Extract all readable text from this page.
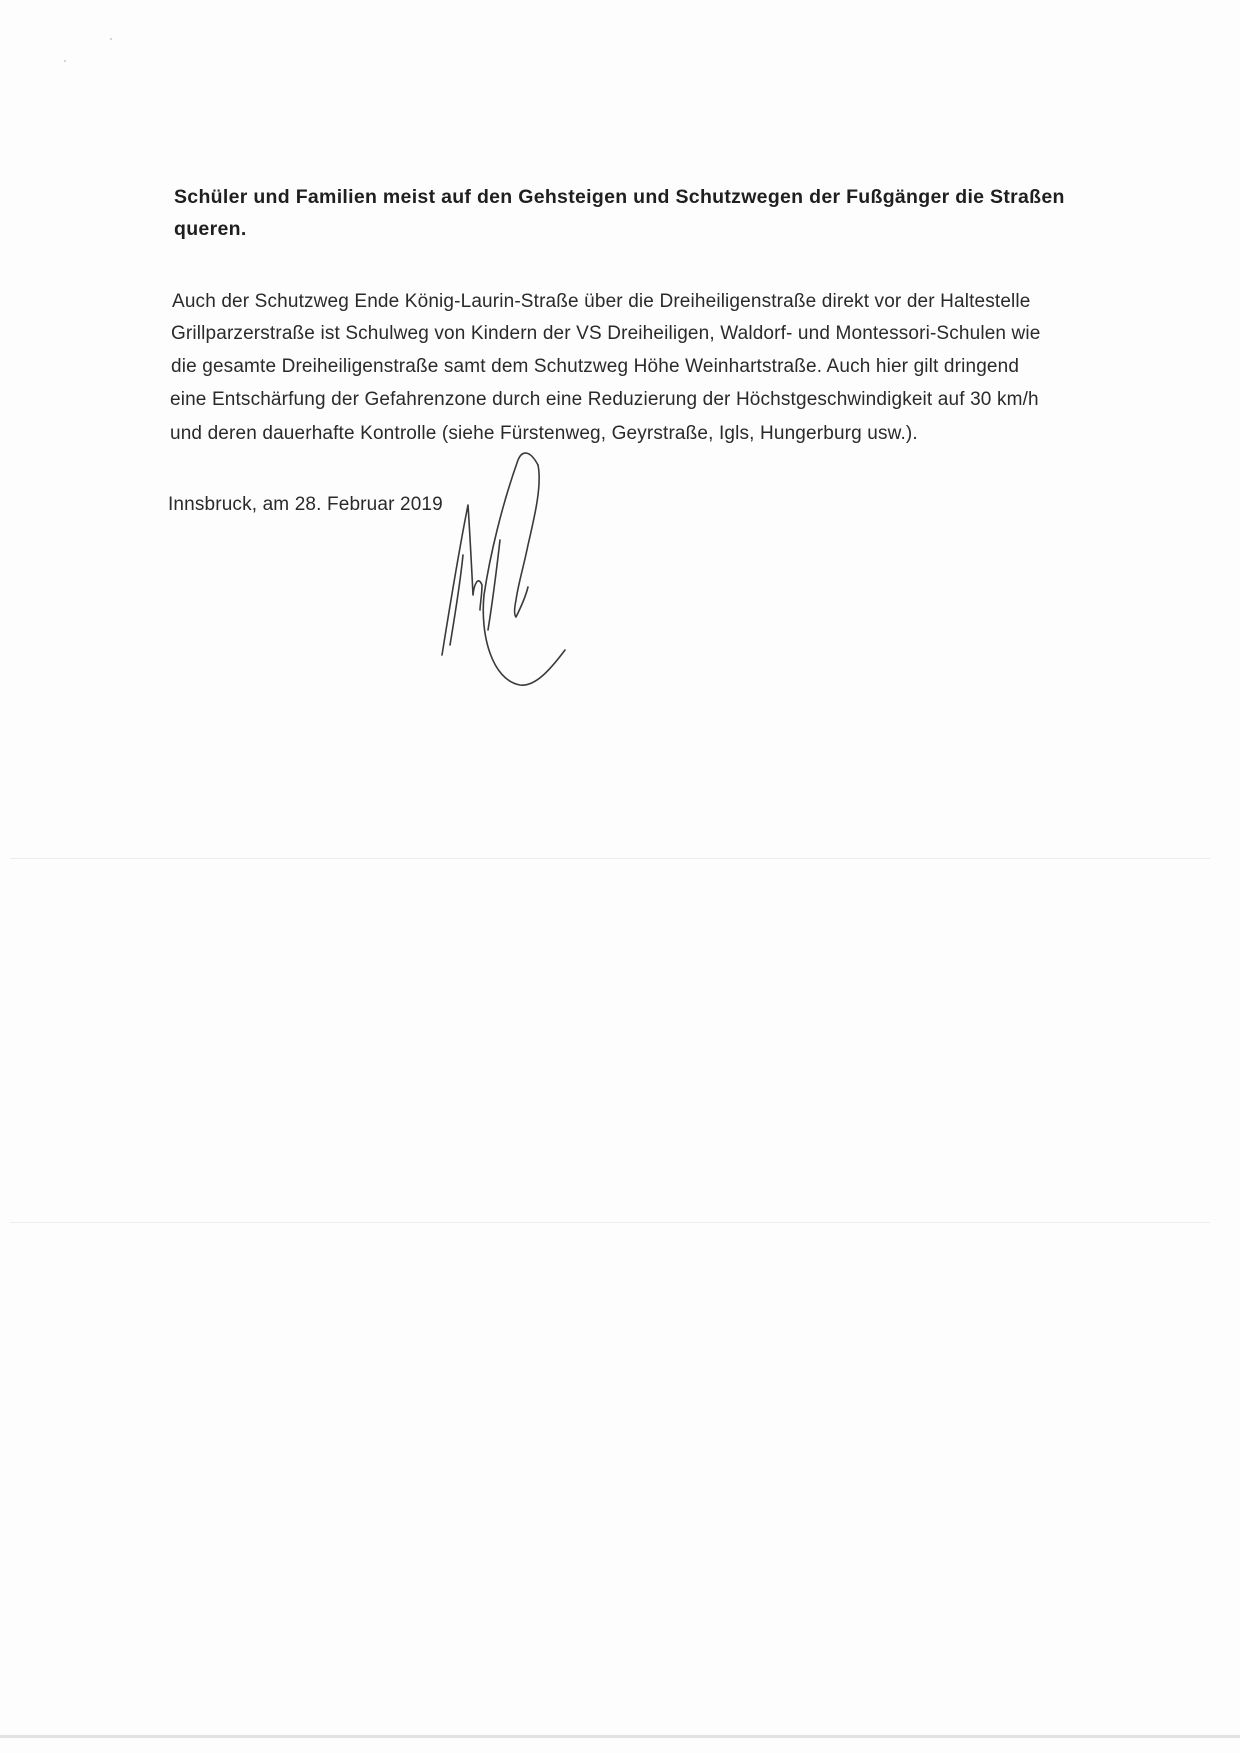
Schüler und Familien meist auf den Gehsteigen und Schutzwegen der Fußgänger die Straßen
queren.
Auch der Schutzweg Ende König-Laurin-Straße über die Dreiheiligenstraße direkt vor der Haltestelle
Grillparzerstraße ist Schulweg von Kindern der VS Dreiheiligen, Waldorf- und Montessori-Schulen wie
die gesamte Dreiheiligenstraße samt dem Schutzweg Höhe Weinhartstraße. Auch hier gilt dringend
eine Entschärfung der Gefahrenzone durch eine Reduzierung der Höchstgeschwindigkeit auf 30 km/h
und deren dauerhafte Kontrolle (siehe Fürstenweg, Geyrstraße, Igls, Hungerburg usw.).
Innsbruck, am 28. Februar 2019
